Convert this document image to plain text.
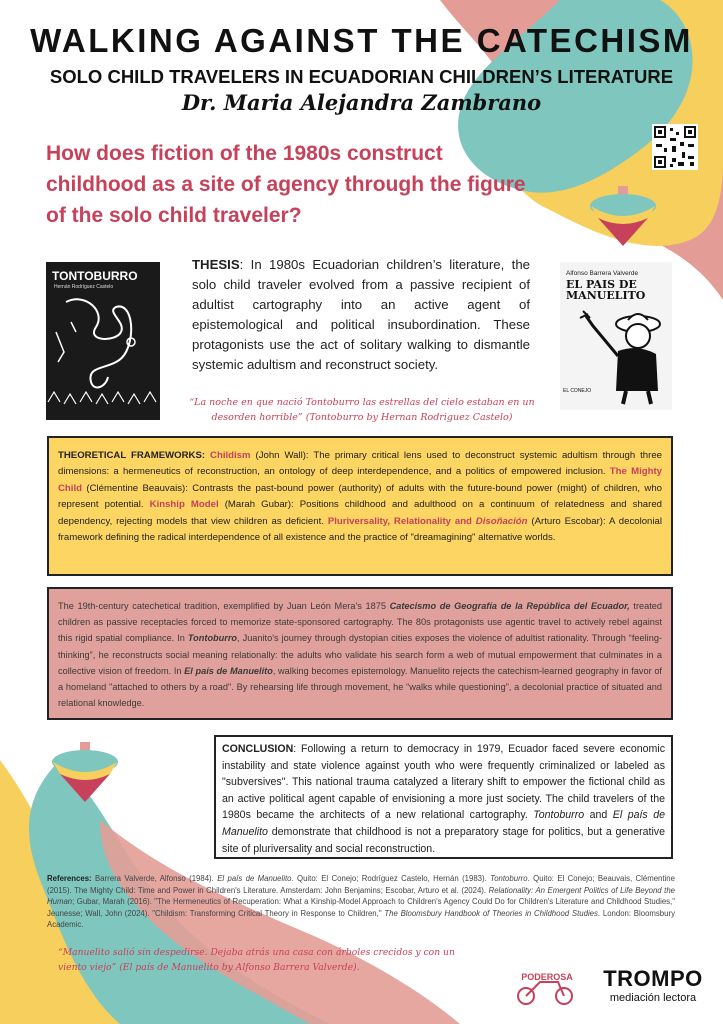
WALKING AGAINST THE CATECHISM
SOLO CHILD TRAVELERS IN ECUADORIAN CHILDREN’S LITERATURE
Dr. Maria Alejandra Zambrano
How does fiction of the 1980s construct childhood as a site of agency through the figure of the solo child traveler?
TONTOBURRO
Hernán Rodríguez Castelo
Alfonso Barrera Valverde
EL PAIS DE MANUELITO
EL CONEJO
THESIS: In 1980s Ecuadorian children’s literature, the solo child traveler evolved from a passive recipient of adultist cartography into an active agent of epistemological and political insubordination. These protagonists use the act of solitary walking to dismantle systemic adultism and reconstruct society.
“La noche en que nació Tontoburro las estrellas del cielo estaban en un desorden horrible” (Tontoburro by Hernan Rodriguez Castelo)
THEORETICAL FRAMEWORKS: Childism (John Wall): The primary critical lens used to deconstruct systemic adultism through three dimensions: a hermeneutics of reconstruction, an ontology of deep interdependence, and a politics of empowered inclusion. The Mighty Child (Clémentine Beauvais): Contrasts the past-bound power (authority) of adults with the future-bound power (might) of children, who represent potential. Kinship Model (Marah Gubar): Positions childhood and adulthood on a continuum of relatedness and shared dependency, rejecting models that view children as deficient. Pluriversality, Relationality and Disoñación (Arturo Escobar): A decolonial framework defining the radical interdependence of all existence and the practice of "dreamagining" alternative worlds.
The 19th-century catechetical tradition, exemplified by Juan León Mera's 1875 Catecismo de Geografía de la República del Ecuador, treated children as passive receptacles forced to memorize state-sponsored cartography. The 80s protagonists use agentic travel to actively rebel against this rigid spatial compliance. In Tontoburro, Juanito's journey through dystopian cities exposes the violence of adultist rationality. Through “feeling-thinking”, he reconstructs social meaning relationally: the adults who validate his search form a web of mutual empowerment that culminates in a collective vision of freedom. In El país de Manuelito, walking becomes epistemology. Manuelito rejects the catechism-learned geography in favor of a homeland "attached to others by a road". By rehearsing life through movement, he “walks while questioning”, a decolonial practice of situated and relational knowledge.
CONCLUSION: Following a return to democracy in 1979, Ecuador faced severe economic instability and state violence against youth who were frequently criminalized or labeled as "subversives". This national trauma catalyzed a literary shift to empower the fictional child as an active political agent capable of envisioning a more just society. The child travelers of the 1980s became the architects of a new relational cartography. Tontoburro and El país de Manuelito demonstrate that childhood is not a preparatory stage for politics, but a generative site of pluriversality and social reconstruction.
References: Barrera Valverde, Alfonso (1984). El país de Manuelito. Quito: El Conejo; Rodríguez Castelo, Hernán (1983). Tontoburro. Quito: El Conejo; Beauvais, Clémentine (2015). The Mighty Child: Time and Power in Children's Literature. Amsterdam: John Benjamins; Escobar, Arturo et al. (2024). Relationality: An Emergent Politics of Life Beyond the Human; Gubar, Marah (2016). "The Hermeneutics of Recuperation: What a Kinship-Model Approach to Children's Agency Could Do for Children's Literature and Childhood Studies," Jeunesse; Wall, John (2024). "Childism: Transforming Critical Theory in Response to Children," The Bloomsbury Handbook of Theories in Childhood Studies. London: Bloomsbury Academic.
“Manuelito salió sin despedirse. Dejaba atrás una casa con árboles crecidos y con un viento viejo” (El país de Manuelito by Alfonso Barrera Valverde).
PODEROSA	TROMPO
mediación lectora
